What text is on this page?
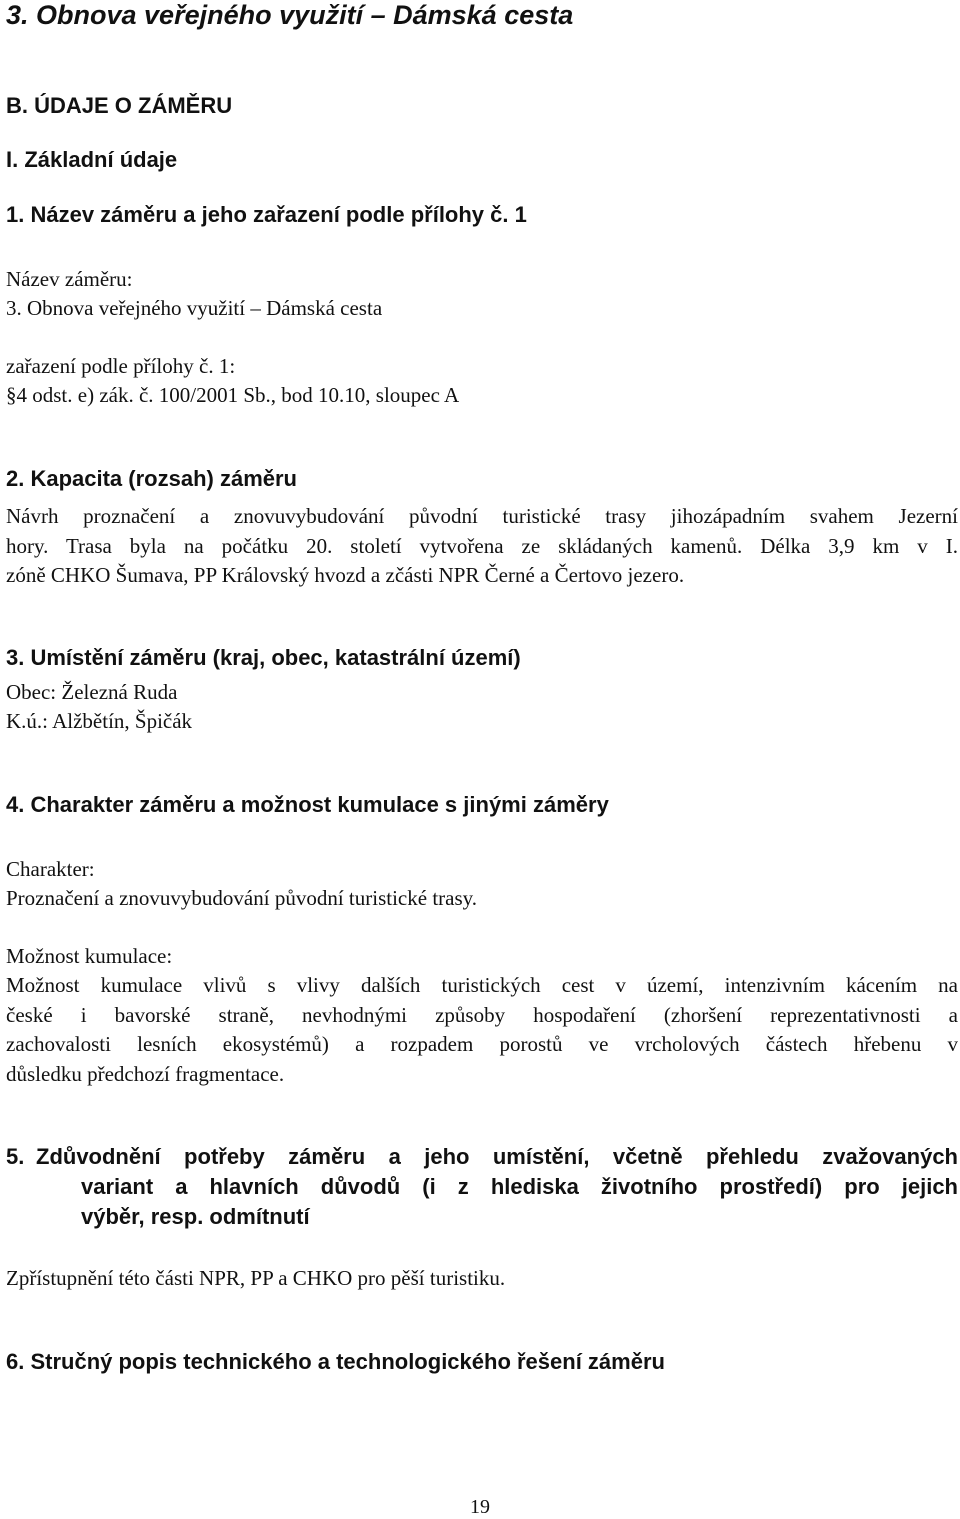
3. Obnova veřejného využití – Dámská cesta
B. ÚDAJE O ZÁMĚRU
I. Základní údaje
1. Název záměru a jeho zařazení podle přílohy č. 1
Název záměru:
3. Obnova veřejného využití – Dámská cesta
zařazení podle přílohy č. 1:
§4 odst. e) zák. č. 100/2001 Sb., bod 10.10, sloupec A
2. Kapacita (rozsah) záměru
Návrh proznačení a znovuvybudování původní turistické trasy jihozápadním svahem Jezerní
hory. Trasa byla na počátku 20. století vytvořena ze skládaných kamenů. Délka 3,9 km v I.
zóně CHKO Šumava, PP Královský hvozd a zčásti NPR Černé a Čertovo jezero.
3. Umístění záměru (kraj, obec, katastrální území)
Obec: Železná Ruda
K.ú.: Alžbětín, Špičák
4. Charakter záměru a možnost kumulace s jinými záměry
Charakter:
Proznačení a znovuvybudování původní turistické trasy.
Možnost kumulace:
Možnost kumulace vlivů s vlivy dalších turistických cest v území, intenzivním kácením na
české i bavorské straně, nevhodnými způsoby hospodaření (zhoršení reprezentativnosti a
zachovalosti lesních ekosystémů) a rozpadem porostů ve vrcholových částech hřebenu v
důsledku předchozí fragmentace.
5. Zdůvodnění potřeby záměru a jeho umístění, včetně přehledu zvažovaných
variant a hlavních důvodů (i z hlediska životního prostředí) pro jejich
výběr, resp. odmítnutí
Zpřístupnění této části NPR, PP a CHKO pro pěší turistiku.
6. Stručný popis technického a technologického řešení záměru
19
